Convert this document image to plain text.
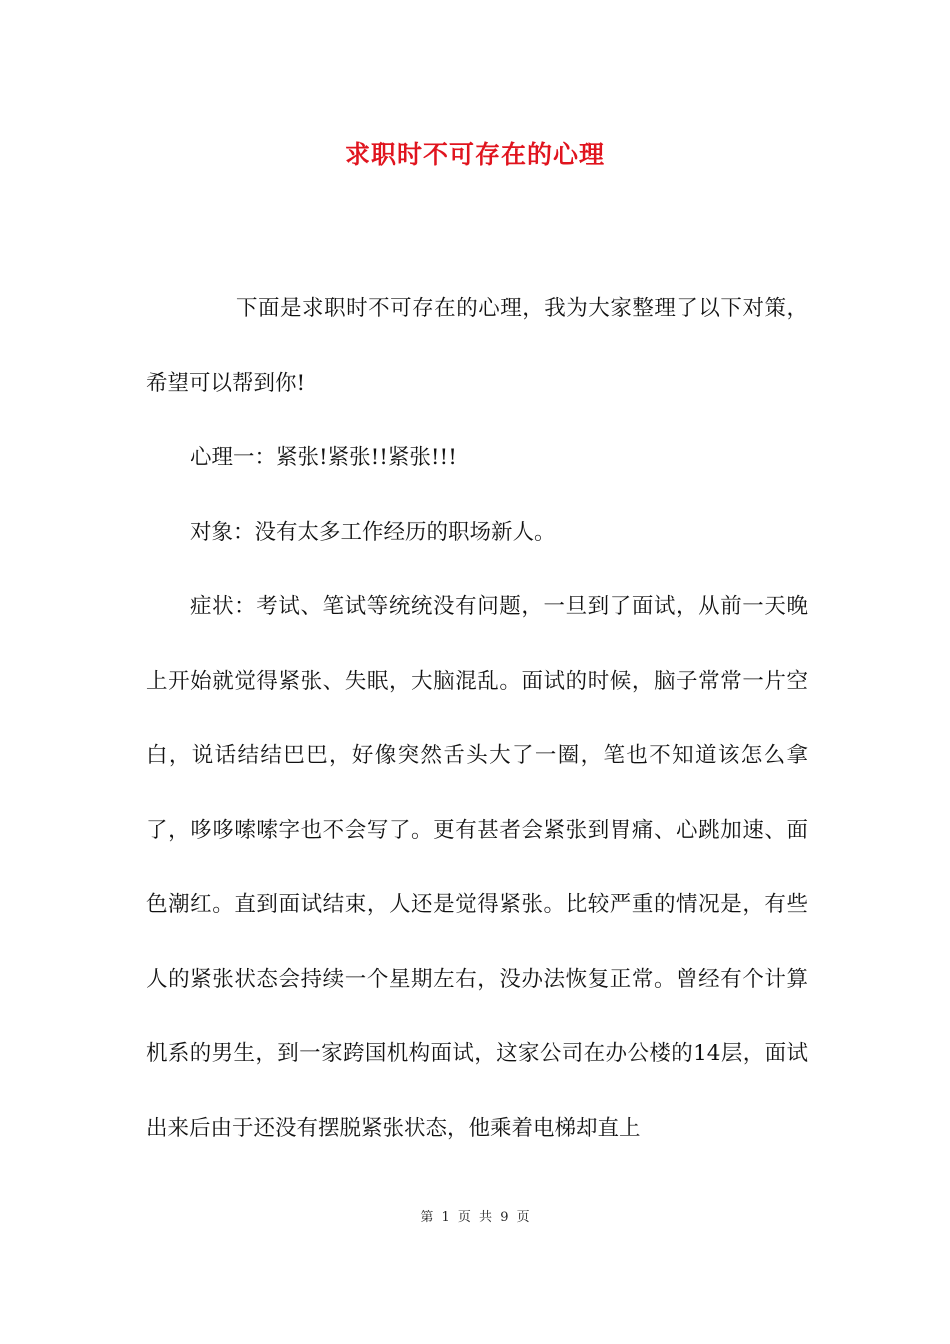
求职时不可存在的心理

下面是求职时不可存在的心理，我为大家整理了以下对策，希望可以帮到你!

心理一：紧张!紧张!!紧张!!!

对象：没有太多工作经历的职场新人。

症状：考试、笔试等统统没有问题，一旦到了面试，从前一天晚上开始就觉得紧张、失眠，大脑混乱。面试的时候，脑子常常一片空白，说话结结巴巴，好像突然舌头大了一圈，笔也不知道该怎么拿了，哆哆嗦嗦字也不会写了。更有甚者会紧张到胃痛、心跳加速、面色潮红。直到面试结束，人还是觉得紧张。比较严重的情况是，有些人的紧张状态会持续一个星期左右，没办法恢复正常。曾经有个计算机系的男生，到一家跨国机构面试，这家公司在办公楼的14层，面试出来后由于还没有摆脱紧张状态，他乘着电梯却直上

第 1 页 共 9 页
